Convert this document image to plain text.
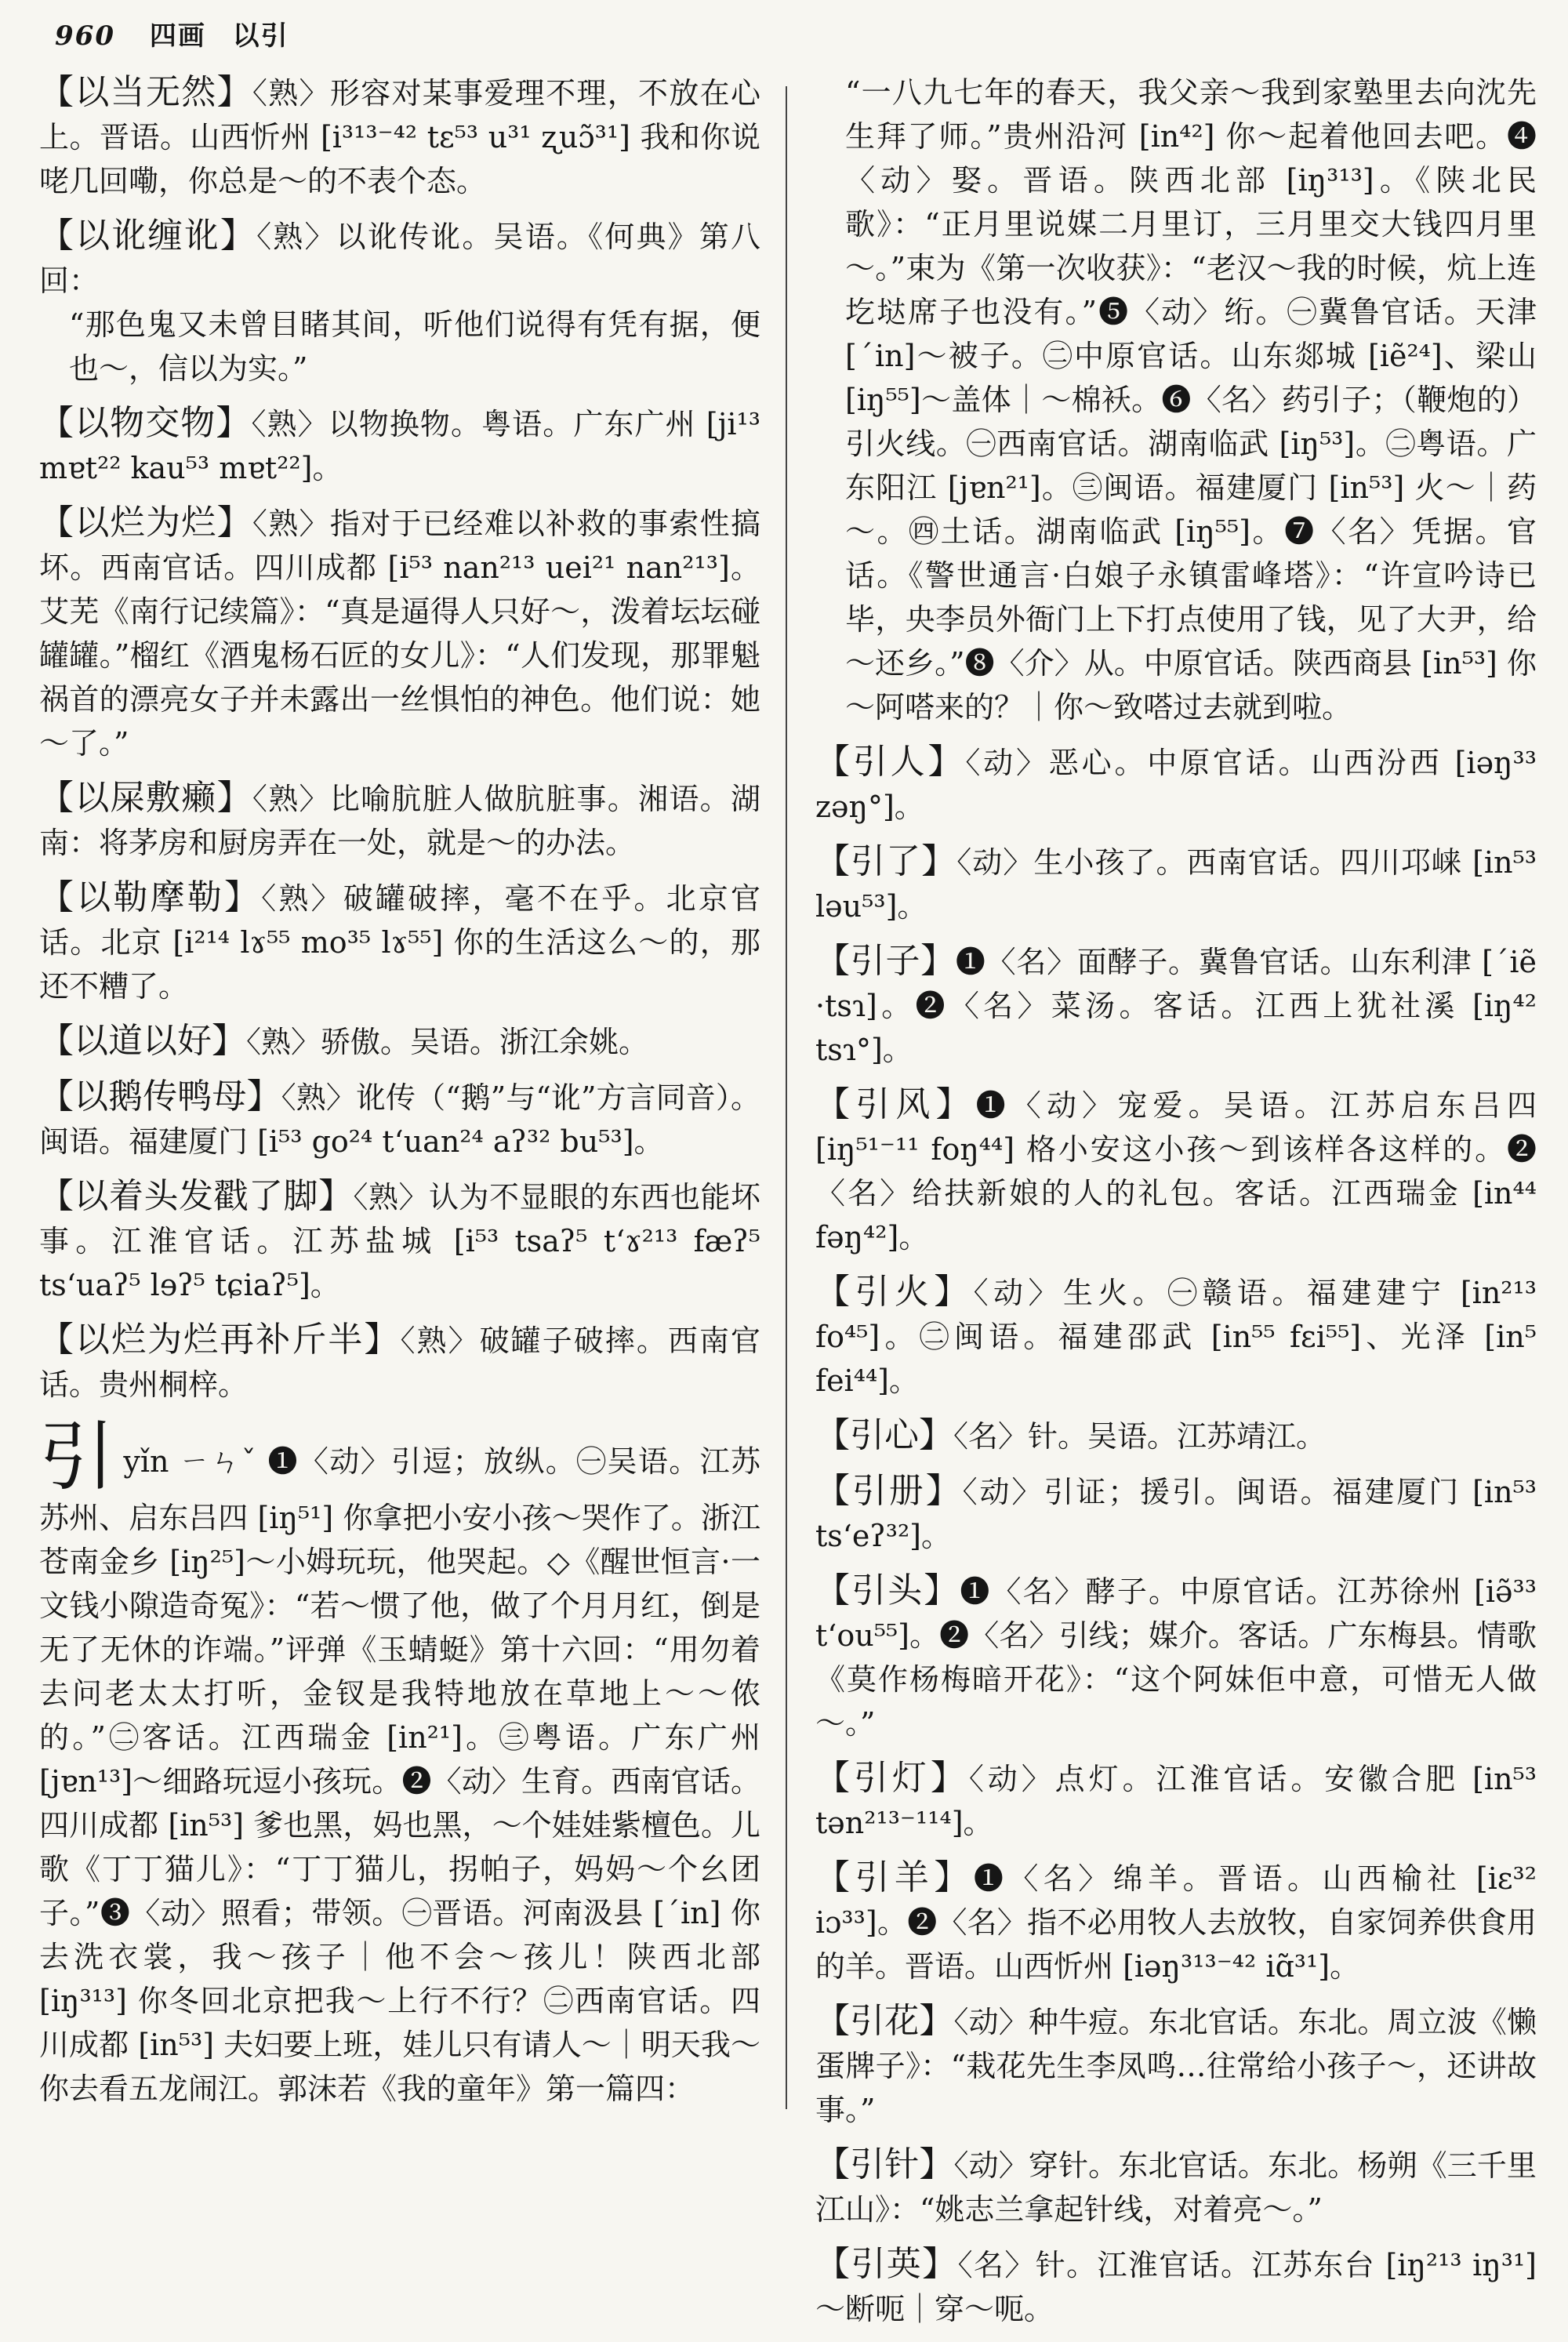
960 四画 以引
【以当无然】〈熟〉形容对某事爱理不理，不放在心上。晋语。山西忻州 [i³¹³⁻⁴² tɛ⁵³ u³¹ ʐuɔ̃³¹] 我和你说咾几回嘞，你总是～的不表个态。
【以讹缠讹】〈熟〉以讹传讹。吴语。《何典》第八回：
“那色鬼又未曾目睹其间，听他们说得有凭有据，便也～，信以为实。”
【以物交物】〈熟〉以物换物。粤语。广东广州 [ji¹³ mɐt²² kau⁵³ mɐt²²]。
【以烂为烂】〈熟〉指对于已经难以补救的事索性搞坏。西南官话。四川成都 [i⁵³ nan²¹³ uei²¹ nan²¹³]。艾芜《南行记续篇》：“真是逼得人只好～，泼着坛坛碰罐罐。”榴红《酒鬼杨石匠的女儿》：“人们发现，那罪魁祸首的漂亮女子并未露出一丝惧怕的神色。他们说：她～了。”
【以屎敷癞】〈熟〉比喻肮脏人做肮脏事。湘语。湖南：将茅房和厨房弄在一处，就是～的办法。
【以勒摩勒】〈熟〉破罐破摔，毫不在乎。北京官话。北京 [i²¹⁴ lɤ⁵⁵ mo³⁵ lɤ⁵⁵] 你的生活这么～的，那还不糟了。
【以道以好】〈熟〉骄傲。吴语。浙江余姚。
【以鹅传鸭母】〈熟〉讹传（“鹅”与“讹”方言同音）。闽语。福建厦门 [i⁵³ go²⁴ t‘uan²⁴ aʔ³² bu⁵³]。
【以着头发戳了脚】〈熟〉认为不显眼的东西也能坏事。江淮官话。江苏盐城 [i⁵³ tsaʔ⁵ t‘ɤ²¹³ fæʔ⁵ ts‘uaʔ⁵ lɘʔ⁵ tɕiaʔ⁵]。
【以烂为烂再补斤半】〈熟〉破罐子破摔。西南官话。贵州桐梓。
引yǐn ㄧㄣˇ ❶〈动〉引逗；放纵。㊀吴语。江苏苏州、启东吕四 [iŋ⁵¹] 你拿把小安小孩～哭作了。浙江苍南金乡 [iŋ²⁵]～小姆玩玩，他哭起。◇《醒世恒言·一文钱小隙造奇冤》：“若～惯了他，做了个月月红，倒是无了无休的诈端。”评弹《玉蜻蜓》第十六回：“用勿着去问老太太打听，金钗是我特地放在草地上～～侬的。”㊁客话。江西瑞金 [in²¹]。㊂粤语。广东广州 [jɐn¹³]～细路玩逗小孩玩。❷〈动〉生育。西南官话。四川成都 [in⁵³] 爹也黑，妈也黑，～个娃娃紫檀色。儿歌《丁丁猫儿》：“丁丁猫儿，拐帕子，妈妈～个幺团子。”❸〈动〉照看；带领。㊀晋语。河南汲县 [ˊin] 你去洗衣裳，我～孩子｜他不会～孩儿！陕西北部 [iŋ³¹³] 你冬回北京把我～上行不行？㊁西南官话。四川成都 [in⁵³] 夫妇要上班，娃儿只有请人～｜明天我～你去看五龙闹江。郭沫若《我的童年》第一篇四：
“一八九七年的春天，我父亲～我到家塾里去向沈先生拜了师。”贵州沿河 [in⁴²] 你～起着他回去吧。❹〈动〉娶。晋语。陕西北部 [iŋ³¹³]。《陕北民歌》：“正月里说媒二月里订，三月里交大钱四月里～。”束为《第一次收获》：“老汉～我的时候，炕上连圪垯席子也没有。”❺〈动〉绗。㊀冀鲁官话。天津 [ˊin]～被子。㊁中原官话。山东郯城 [iẽ²⁴]、梁山 [iŋ⁵⁵]～盖体｜～棉袄。❻〈名〉药引子；（鞭炮的）引火线。㊀西南官话。湖南临武 [iŋ⁵³]。㊁粤语。广东阳江 [jɐn²¹]。㊂闽语。福建厦门 [in⁵³] 火～｜药～。㊃土话。湖南临武 [iŋ⁵⁵]。❼〈名〉凭据。官话。《警世通言·白娘子永镇雷峰塔》：“许宣吟诗已毕，央李员外衙门上下打点使用了钱，见了大尹，给～还乡。”❽〈介〉从。中原官话。陕西商县 [in⁵³] 你～阿嗒来的？｜你～致嗒过去就到啦。
【引人】〈动〉恶心。中原官话。山西汾西 [iəŋ³³ zəŋ°]。
【引了】〈动〉生小孩了。西南官话。四川邛崃 [in⁵³ ləu⁵³]。
【引子】❶〈名〉面酵子。冀鲁官话。山东利津 [ˊiẽ ·tsɿ]。❷〈名〉菜汤。客话。江西上犹社溪 [iŋ⁴² tsɿ°]。
【引风】❶〈动〉宠爱。吴语。江苏启东吕四 [iŋ⁵¹⁻¹¹ foŋ⁴⁴] 格小安这小孩～到该样各这样的。❷〈名〉给扶新娘的人的礼包。客话。江西瑞金 [in⁴⁴ fəŋ⁴²]。
【引火】〈动〉生火。㊀赣语。福建建宁 [in²¹³ fo⁴⁵]。㊁闽语。福建邵武 [in⁵⁵ fɛi⁵⁵]、光泽 [in⁵ fei⁴⁴]。
【引心】〈名〉针。吴语。江苏靖江。
【引册】〈动〉引证；援引。闽语。福建厦门 [in⁵³ ts‘eʔ³²]。
【引头】❶〈名〉酵子。中原官话。江苏徐州 [iə̃³³ t‘ou⁵⁵]。❷〈名〉引线；媒介。客话。广东梅县。情歌《莫作杨梅暗开花》：“这个阿妹佢中意，可惜无人做～。”
【引灯】〈动〉点灯。江淮官话。安徽合肥 [in⁵³ tən²¹³⁻¹¹⁴]。
【引羊】❶〈名〉绵羊。晋语。山西榆社 [iɛ³² iɔ³³]。❷〈名〉指不必用牧人去放牧，自家饲养供食用的羊。晋语。山西忻州 [iəŋ³¹³⁻⁴² iɑ̃³¹]。
【引花】〈动〉种牛痘。东北官话。东北。周立波《懒蛋牌子》：“栽花先生李凤鸣…往常给小孩子～，还讲故事。”
【引针】〈动〉穿针。东北官话。东北。杨朔《三千里江山》：“姚志兰拿起针线，对着亮～。”
【引英】〈名〉针。江淮官话。江苏东台 [iŋ²¹³ iŋ³¹]～断呃｜穿～呃。
